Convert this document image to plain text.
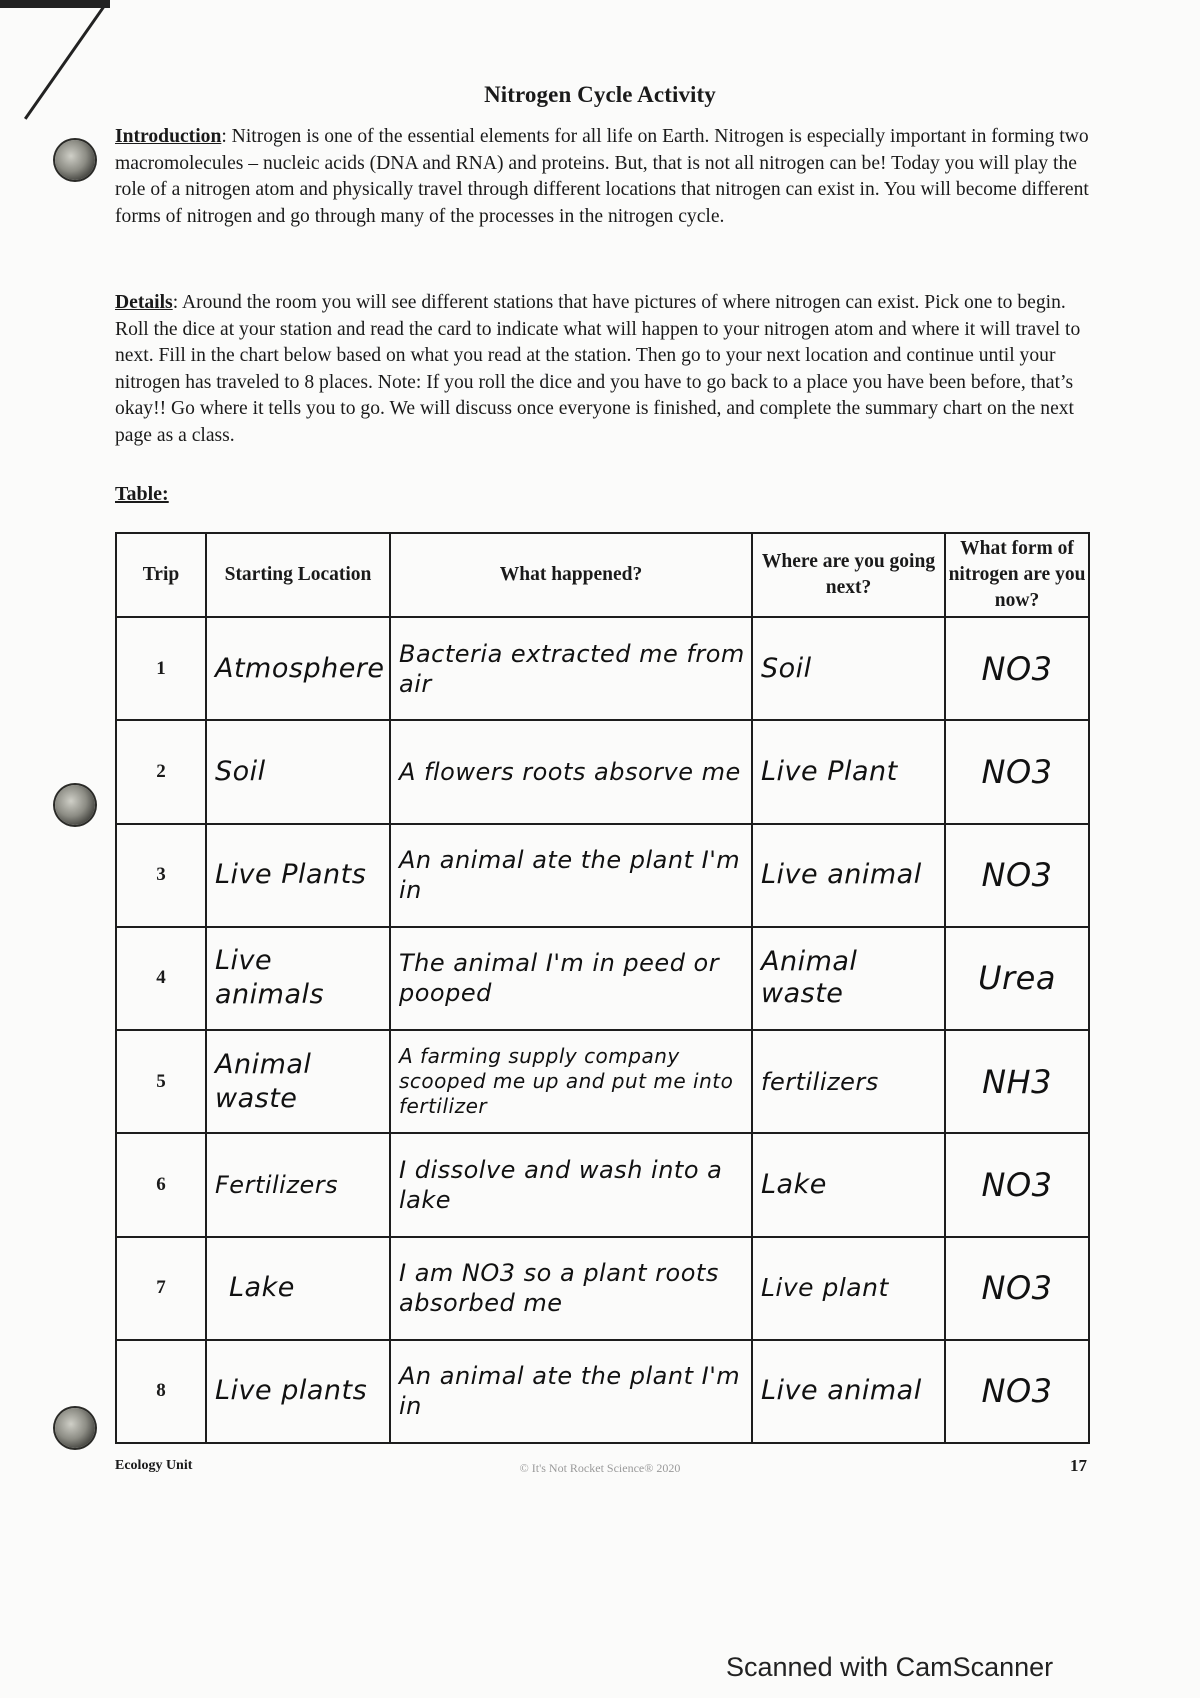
Nitrogen Cycle Activity
Introduction: Nitrogen is one of the essential elements for all life on Earth. Nitrogen is especially important in forming two macromolecules – nucleic acids (DNA and RNA) and proteins. But, that is not all nitrogen can be! Today you will play the role of a nitrogen atom and physically travel through different locations that nitrogen can exist in. You will become different forms of nitrogen and go through many of the processes in the nitrogen cycle.
Details: Around the room you will see different stations that have pictures of where nitrogen can exist. Pick one to begin. Roll the dice at your station and read the card to indicate what will happen to your nitrogen atom and where it will travel to next. Fill in the chart below based on what you read at the station. Then go to your next location and continue until your nitrogen has traveled to 8 places. Note: If you roll the dice and you have to go back to a place you have been before, that’s okay!! Go where it tells you to go. We will discuss once everyone is finished, and complete the summary chart on the next page as a class.
Table:
Trip	Starting Location	What happened?	Where are you going next?	What form of nitrogen are you now?
1	Atmosphere	Bacteria extracted me from air	Soil	NO3
2	Soil	A flowers roots absorve me	Live Plant	NO3
3	Live Plants	An animal ate the plant I'm in	Live animal	NO3
4	Live animals	The animal I'm in peed or pooped	Animal waste	Urea
5	Animal waste	A farming supply company scooped me up and put me into fertilizer	fertilizers	NH3
6	Fertilizers	I dissolve and wash into a lake	Lake	NO3
7	Lake	I am NO3 so a plant roots absorbed me	Live plant	NO3
8	Live plants	An animal ate the plant I'm in	Live animal	NO3
Ecology Unit	© It's Not Rocket Science® 2020	17
Scanned with CamScanner
